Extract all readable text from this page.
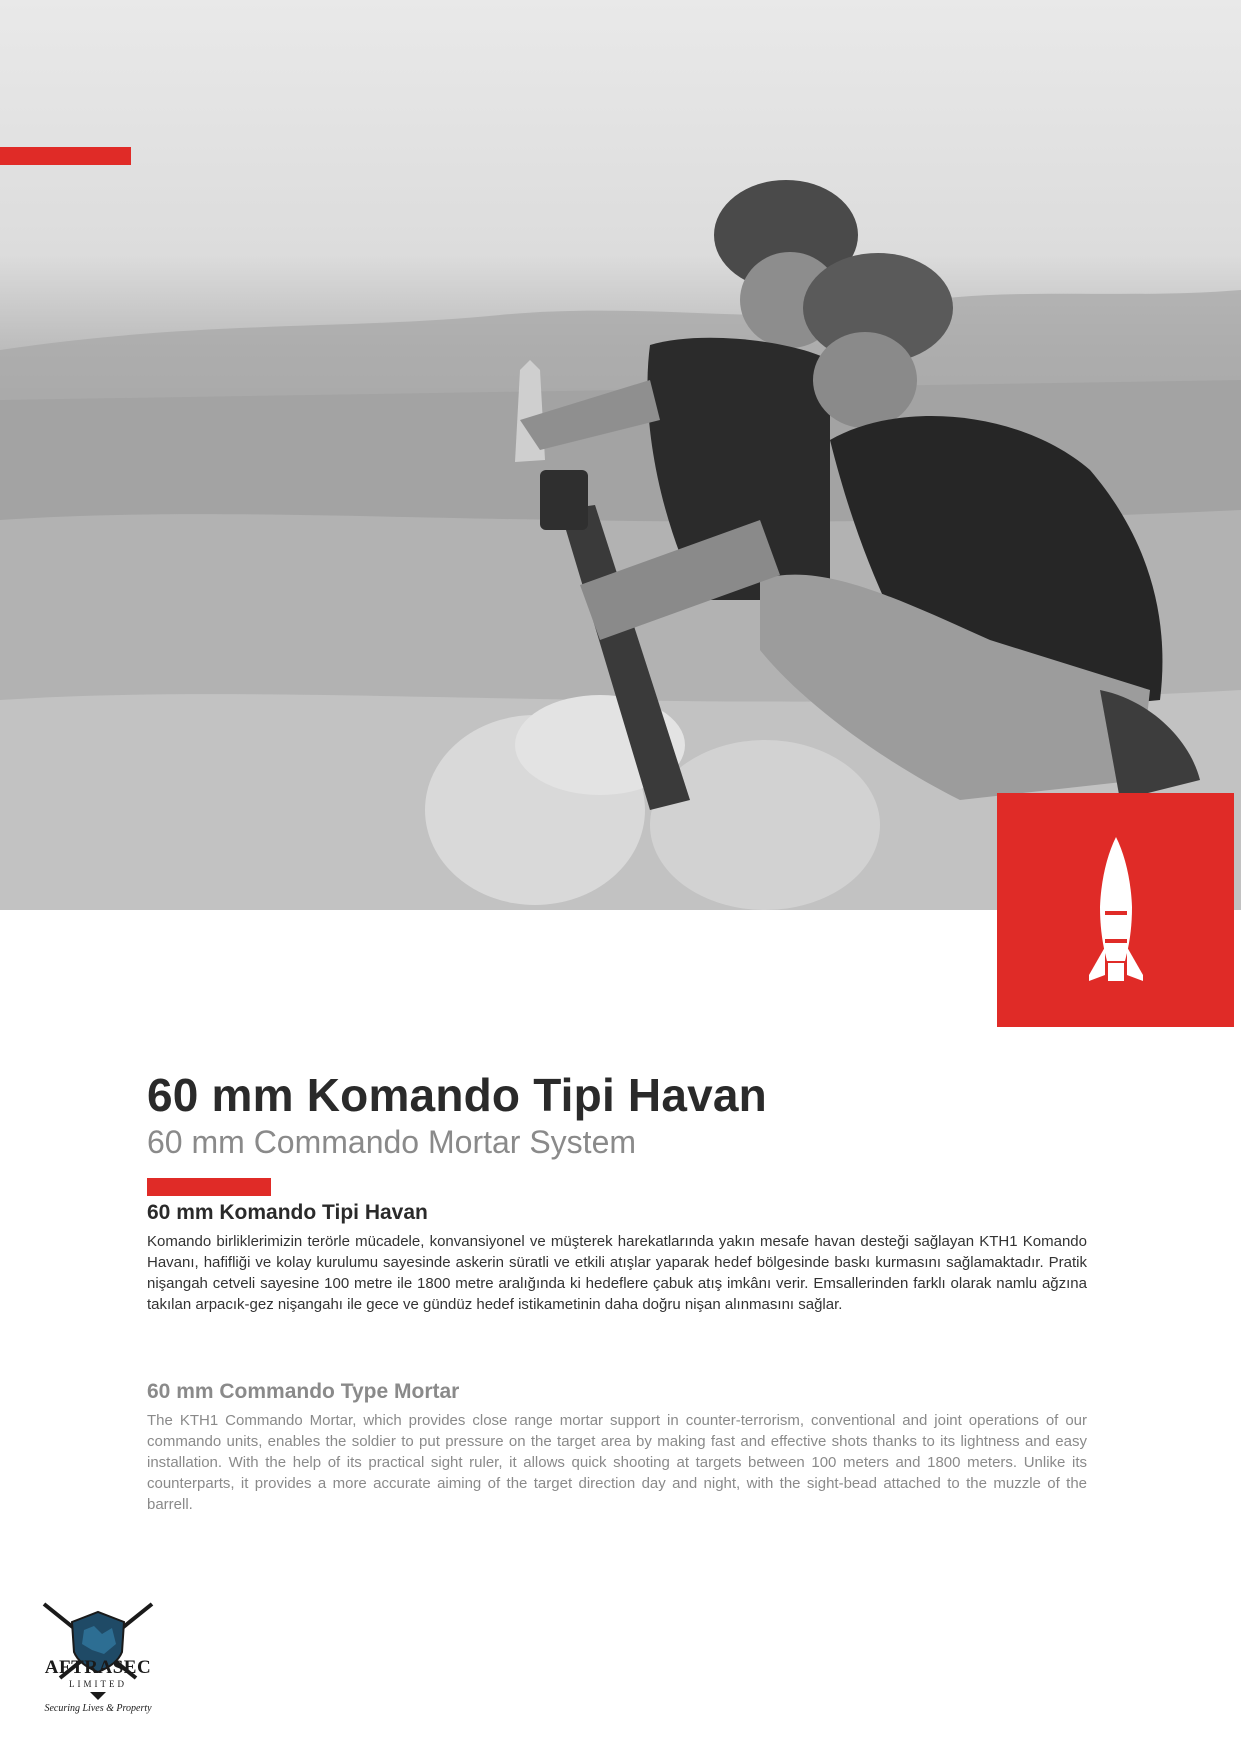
60 mm Komando Tipi Havan
60 mm Commando Mortar System
60 mm Komando Tipi Havan

Komando birliklerimizin terörle mücadele, konvansiyonel ve müşterek harekatlarında yakın mesafe havan desteği sağlayan KTH1 Komando Havanı, hafifliği ve kolay kurulumu sayesinde askerin süratli ve etkili atışlar yaparak hedef bölgesinde baskı kurmasını sağlamaktadır. Pratik nişangah cetveli sayesine 100 metre ile 1800 metre aralığında ki hedeflere çabuk atış imkânı verir. Emsallerinden farklı olarak namlu ağzına takılan arpacık-gez nişangahı ile gece ve gündüz hedef istikametinin daha doğru nişan alınmasını sağlar.

60 mm Commando Type Mortar

The KTH1 Commando Mortar, which provides close range mortar support in counter-terrorism, conventional and joint operations of our commando units, enables the soldier to put pressure on the target area by making fast and effective shots thanks to its lightness and easy installation. With the help of its practical sight ruler, it allows quick shooting at targets between 100 meters and 1800 meters. Unlike its counterparts, it provides a more accurate aiming of the target direction day and night, with the sight-bead attached to the muzzle of the barrell.

AFTRASEC
LIMITED
Securing Lives & Property
